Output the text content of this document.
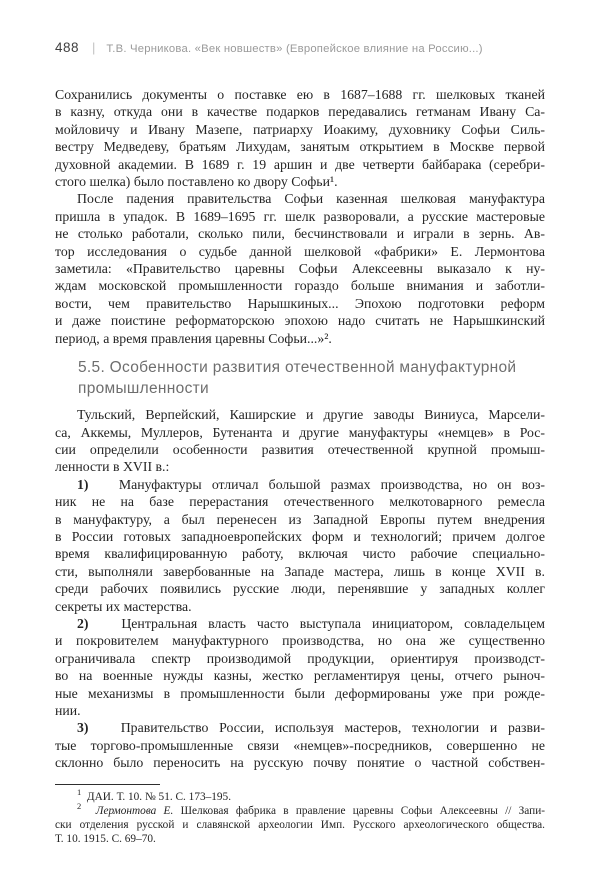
488 | Т.В. Черникова. «Век новшеств» (Европейское влияние на Россию...)
Сохранились документы о поставке ею в 1687–1688 гг. шелковых тканей
в казну, откуда они в качестве подарков передавались гетманам Ивану Са-
мойловичу и Ивану Мазепе, патриарху Иоакиму, духовнику Софьи Силь-
вестру Медведеву, братьям Лихудам, занятым открытием в Москве первой
духовной академии. В 1689 г. 19 аршин и две четверти байбарака (серебри-
стого шелка) было поставлено ко двору Софьи¹.
После падения правительства Софьи казенная шелковая мануфактура
пришла в упадок. В 1689–1695 гг. шелк разворовали, а русские мастеровые
не столько работали, сколько пили, бесчинствовали и играли в зернь. Ав-
тор исследования о судьбе данной шелковой «фабрики» Е. Лермонтова
заметила: «Правительство царевны Софьи Алексеевны выказало к ну-
ждам московской промышленности гораздо больше внимания и заботли-
вости, чем правительство Нарышкиных... Эпохою подготовки реформ
и даже поистине реформаторскою эпохою надо считать не Нарышкинский
период, а время правления царевны Софьи...»².
5.5. Особенности развития отечественной мануфактурной
промышленности
Тульский, Верпейский, Каширские и другие заводы Виниуса, Марсели-
са, Аккемы, Муллеров, Бутенанта и другие мануфактуры «немцев» в Рос-
сии определили особенности развития отечественной крупной промыш-
ленности в XVII в.:
1) Мануфактуры отличал большой размах производства, но он воз-
ник не на базе перерастания отечественного мелкотоварного ремесла
в мануфактуру, а был перенесен из Западной Европы путем внедрения
в России готовых западноевропейских форм и технологий; причем долгое
время квалифицированную работу, включая чисто рабочие специально-
сти, выполняли завербованные на Западе мастера, лишь в конце XVII в.
среди рабочих появились русские люди, перенявшие у западных коллег
секреты их мастерства.
2) Центральная власть часто выступала инициатором, совладельцем
и покровителем мануфактурного производства, но она же существенно
ограничивала спектр производимой продукции, ориентируя производст-
во на военные нужды казны, жестко регламентируя цены, отчего рыноч-
ные механизмы в промышленности были деформированы уже при рожде-
нии.
3) Правительство России, используя мастеров, технологии и разви-
тые торгово-промышленные связи «немцев»-посредников, совершенно не
склонно было переносить на русскую почву понятие о частной собствен-
$^1$ ДАИ. Т. 10. № 51. С. 173–195.
$^2$ Лермонтова Е. Шелковая фабрика в правление царевны Софьи Алексеевны // Запи-
ски отделения русской и славянской археологии Имп. Русского археологического общества.
Т. 10. 1915. С. 69–70.
